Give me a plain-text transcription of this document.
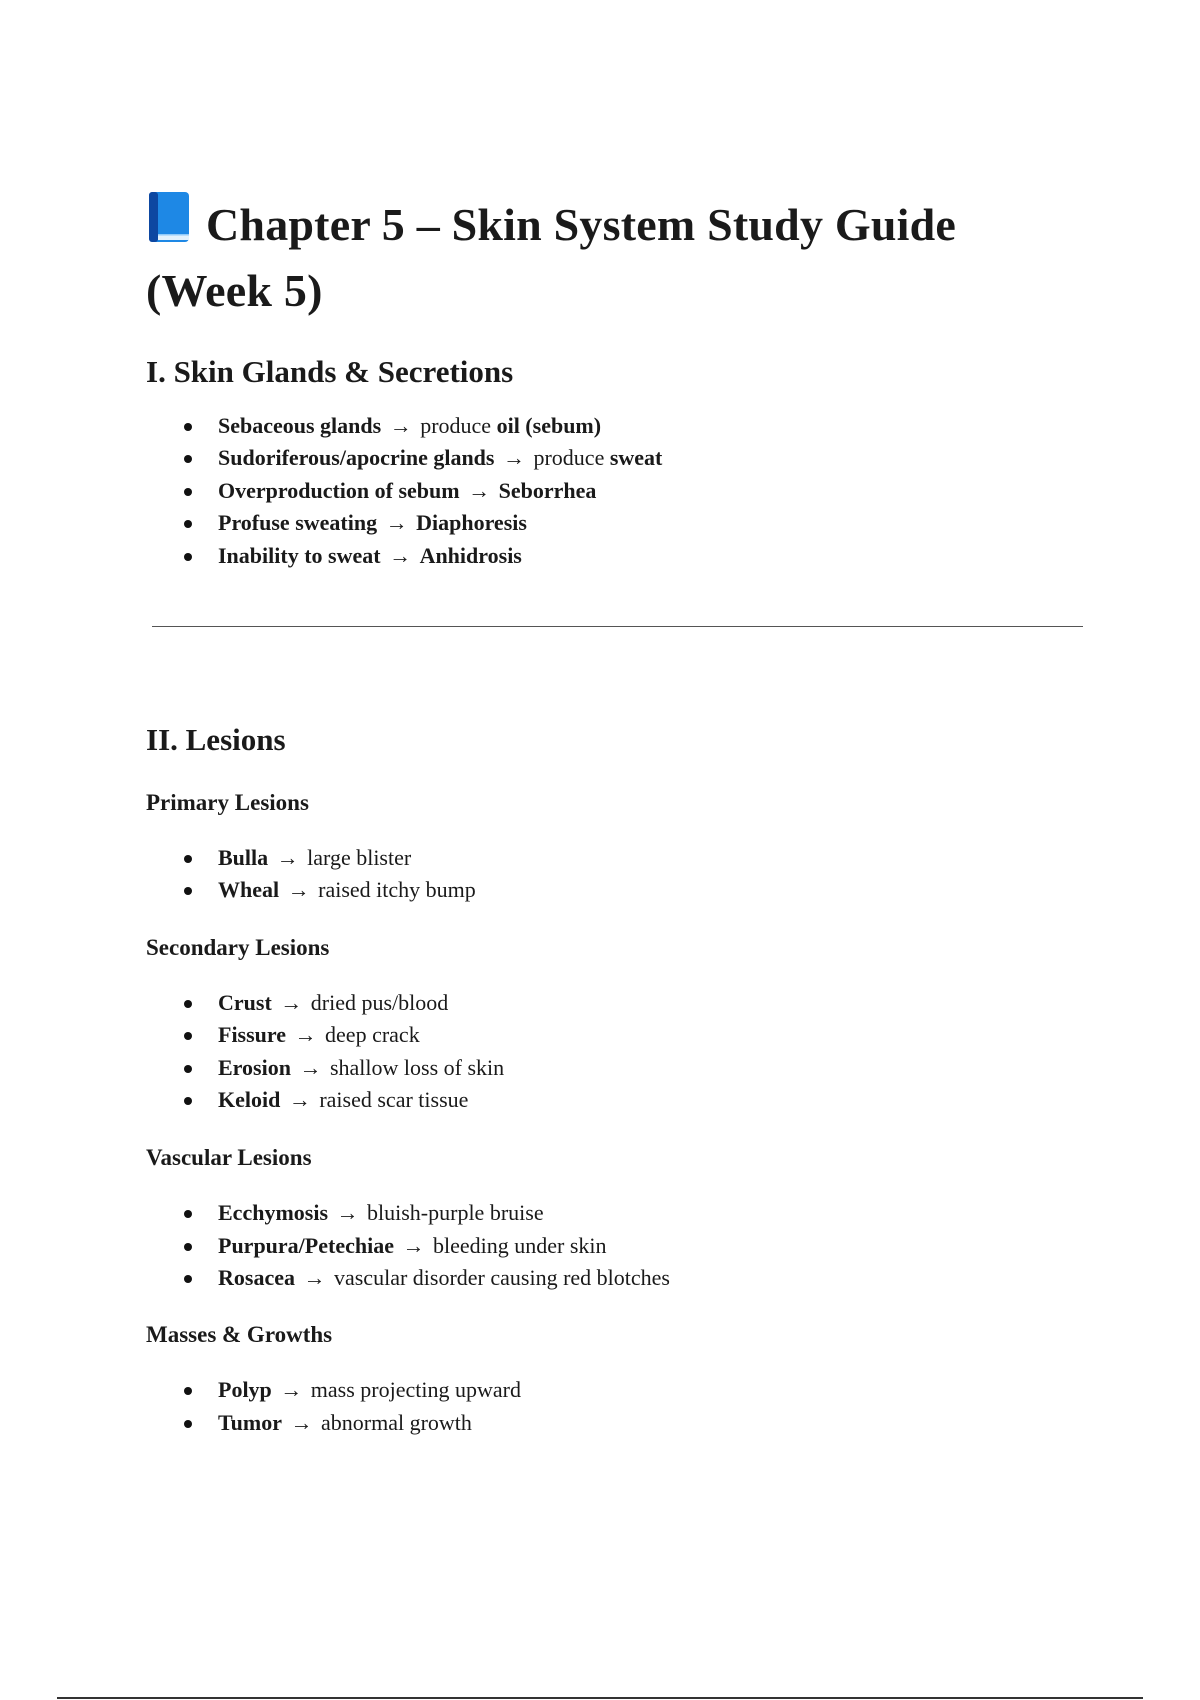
Chapter 5 – Skin System Study Guide
(Week 5)
I. Skin Glands & Secretions
Sebaceous glands → produce oil (sebum)
Sudoriferous/apocrine glands → produce sweat
Overproduction of sebum → Seborrhea
Profuse sweating → Diaphoresis
Inability to sweat → Anhidrosis
II. Lesions
Primary Lesions
Bulla → large blister
Wheal → raised itchy bump
Secondary Lesions
Crust → dried pus/blood
Fissure → deep crack
Erosion → shallow loss of skin
Keloid → raised scar tissue
Vascular Lesions
Ecchymosis → bluish-purple bruise
Purpura/Petechiae → bleeding under skin
Rosacea → vascular disorder causing red blotches
Masses & Growths
Polyp → mass projecting upward
Tumor → abnormal growth
